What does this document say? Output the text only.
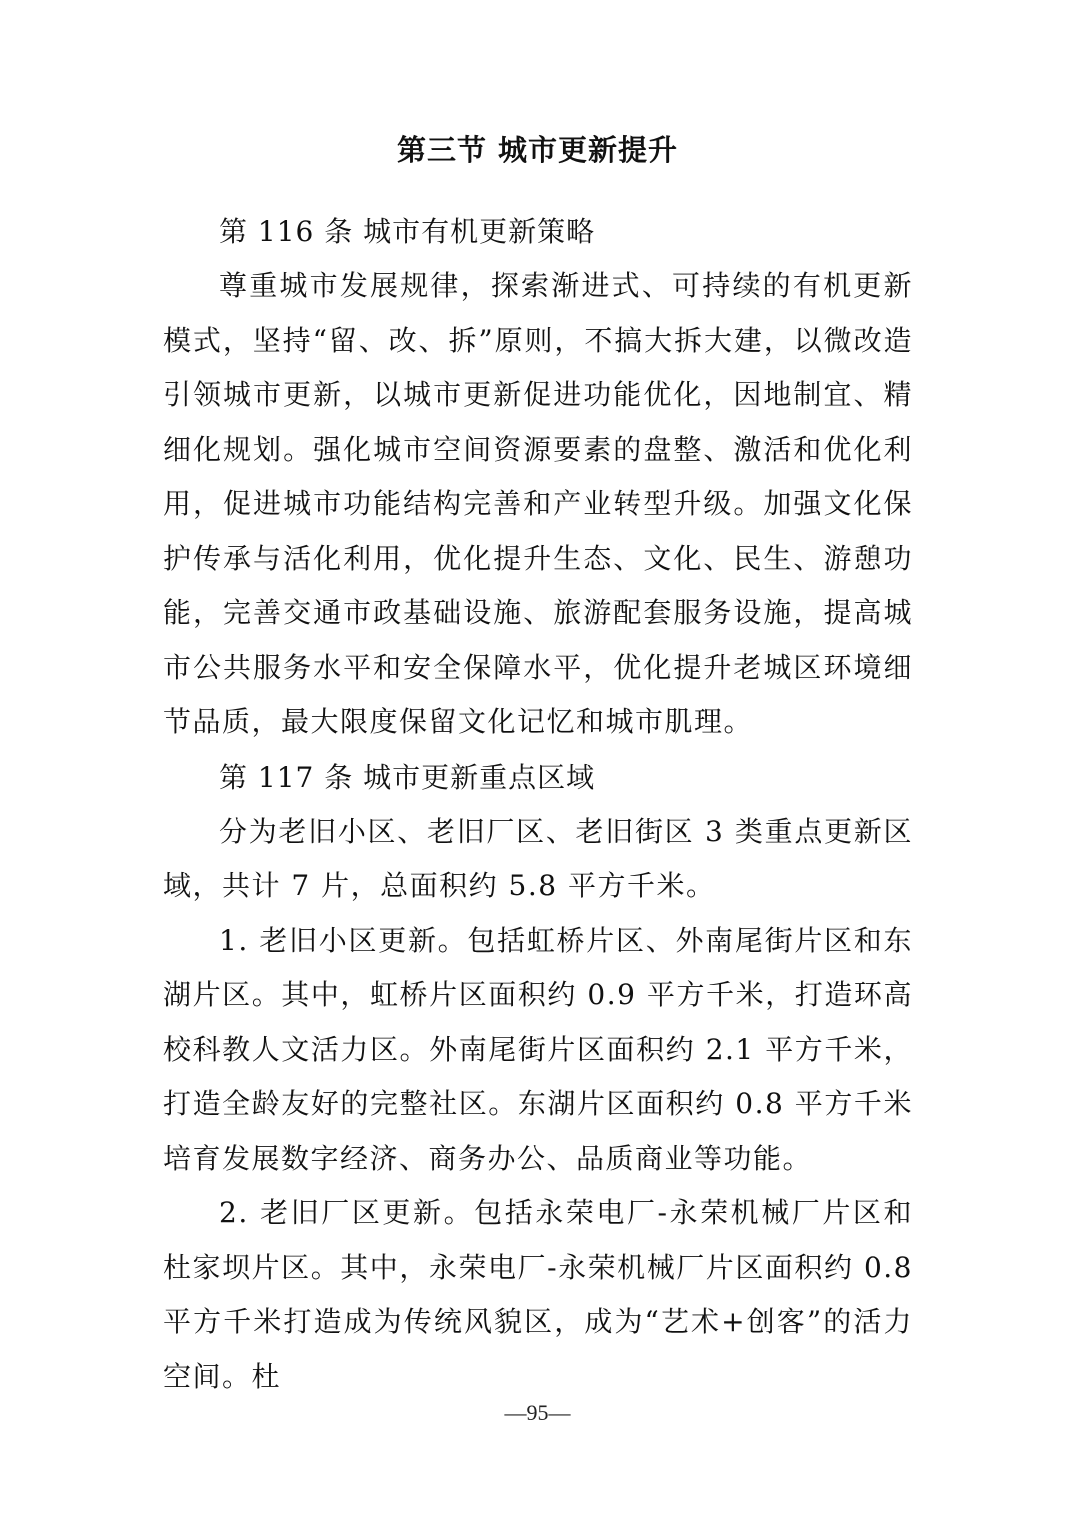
第三节 城市更新提升

第 116 条 城市有机更新策略

尊重城市发展规律，探索渐进式、可持续的有机更新模式，坚持“留、改、拆”原则，不搞大拆大建，以微改造引领城市更新，以城市更新促进功能优化，因地制宜、精细化规划。强化城市空间资源要素的盘整、激活和优化利用，促进城市功能结构完善和产业转型升级。加强文化保护传承与活化利用，优化提升生态、文化、民生、游憩功能，完善交通市政基础设施、旅游配套服务设施，提高城市公共服务水平和安全保障水平，优化提升老城区环境细节品质，最大限度保留文化记忆和城市肌理。

第 117 条 城市更新重点区域

分为老旧小区、老旧厂区、老旧街区 3 类重点更新区域，共计 7 片，总面积约 5.8 平方千米。

1. 老旧小区更新。包括虹桥片区、外南尾街片区和东湖片区。其中，虹桥片区面积约 0.9 平方千米，打造环高校科教人文活力区。外南尾街片区面积约 2.1 平方千米，打造全龄友好的完整社区。东湖片区面积约 0.8 平方千米培育发展数字经济、商务办公、品质商业等功能。

2. 老旧厂区更新。包括永荣电厂-永荣机械厂片区和杜家坝片区。其中，永荣电厂-永荣机械厂片区面积约 0.8 平方千米打造成为传统风貌区，成为“艺术+创客”的活力空间。杜

—95—
